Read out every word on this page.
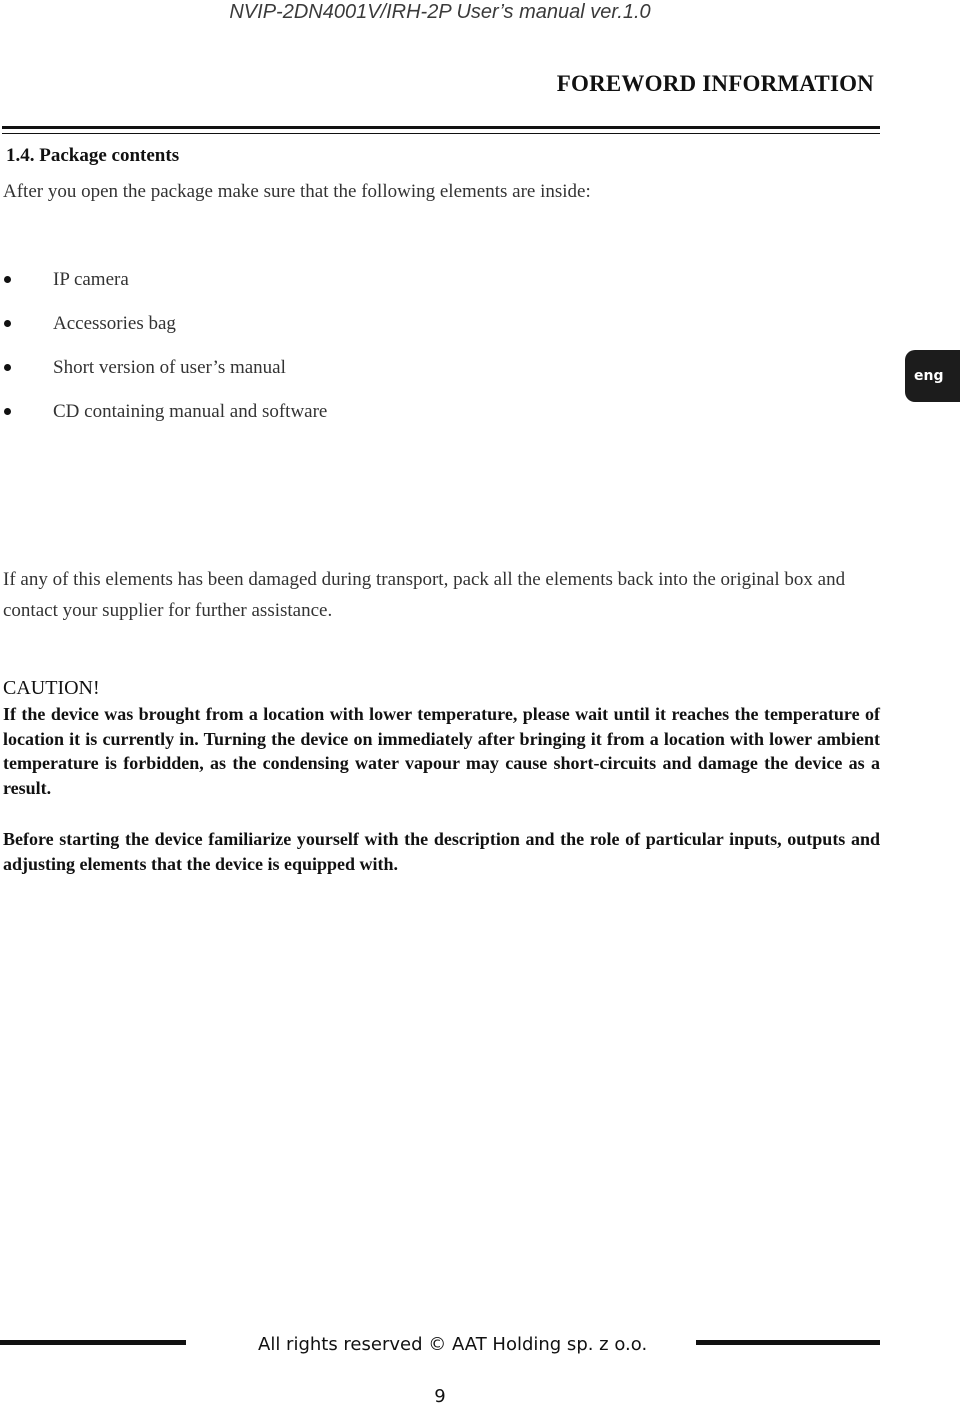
NVIP-2DN4001V/IRH-2P User’s manual ver.1.0
FOREWORD INFORMATION
1.4. Package contents
After you open the package make sure that the following elements are inside:
IP camera
Accessories bag
Short version of user’s manual
CD containing manual and software
eng

If any of this elements has been damaged during transport, pack all the elements back into the original box and contact your supplier for further assistance.

CAUTION!

If the device was brought from a location with lower temperature, please wait until it reaches the temperature of location it is currently in. Turning the device on immediately after bringing it from a location with lower ambient temperature is forbidden, as the condensing water vapour may cause short-circuits and damage the device as a result.

Before starting the device familiarize yourself with the description and the role of particular inputs, outputs and adjusting elements that the device is equipped with.

All rights reserved © AAT Holding sp. z o.o.
9
